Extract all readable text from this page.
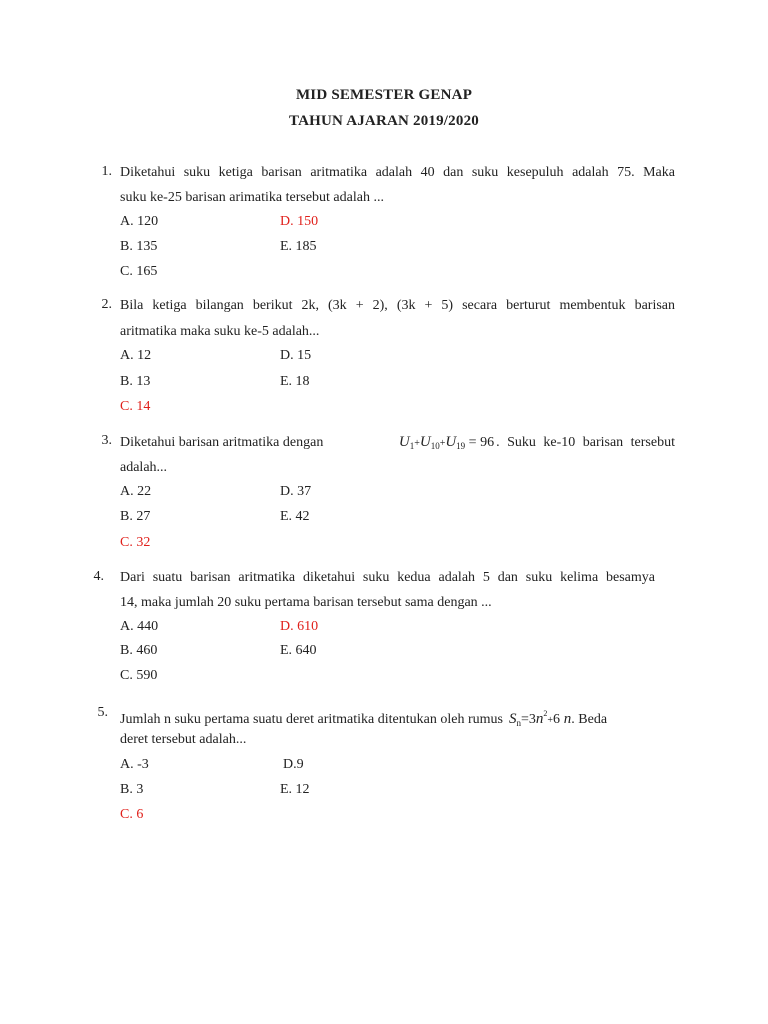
MID SEMESTER GENAP
TAHUN AJARAN 2019/2020
1. Diketahui suku ketiga barisan aritmatika adalah 40 dan suku kesepuluh adalah 75. Maka
suku ke-25 barisan arimatika tersebut adalah ...
A. 120
B. 135
C. 165
D. 150
E. 185
2. Bila ketiga bilangan berikut 2k, (3k + 2), (3k + 5) secara berturut membentuk barisan
aritmatika maka suku ke-5 adalah...
A. 12
B. 13
C. 14
D. 15
E. 18
3. Diketahui barisan aritmatika dengan	$U_1+U_{10}+U_{19} = 96$ . Suku ke-10 barisan tersebut
adalah...
A. 22
B. 27
C. 32
D. 37
E. 42
4. Dari suatu barisan aritmatika diketahui suku kedua adalah 5 dan suku kelima besamya
14, maka jumlah 20 suku pertama barisan tersebut sama dengan ...
A. 440
B. 460
C. 590
D. 610
E. 640
5. Jumlah n suku pertama suatu deret aritmatika ditentukan oleh rumus $S_n=3n^2+6$ n . Beda
deret tersebut adalah...
A. -3
B. 3
C. 6
D.9
E. 12
